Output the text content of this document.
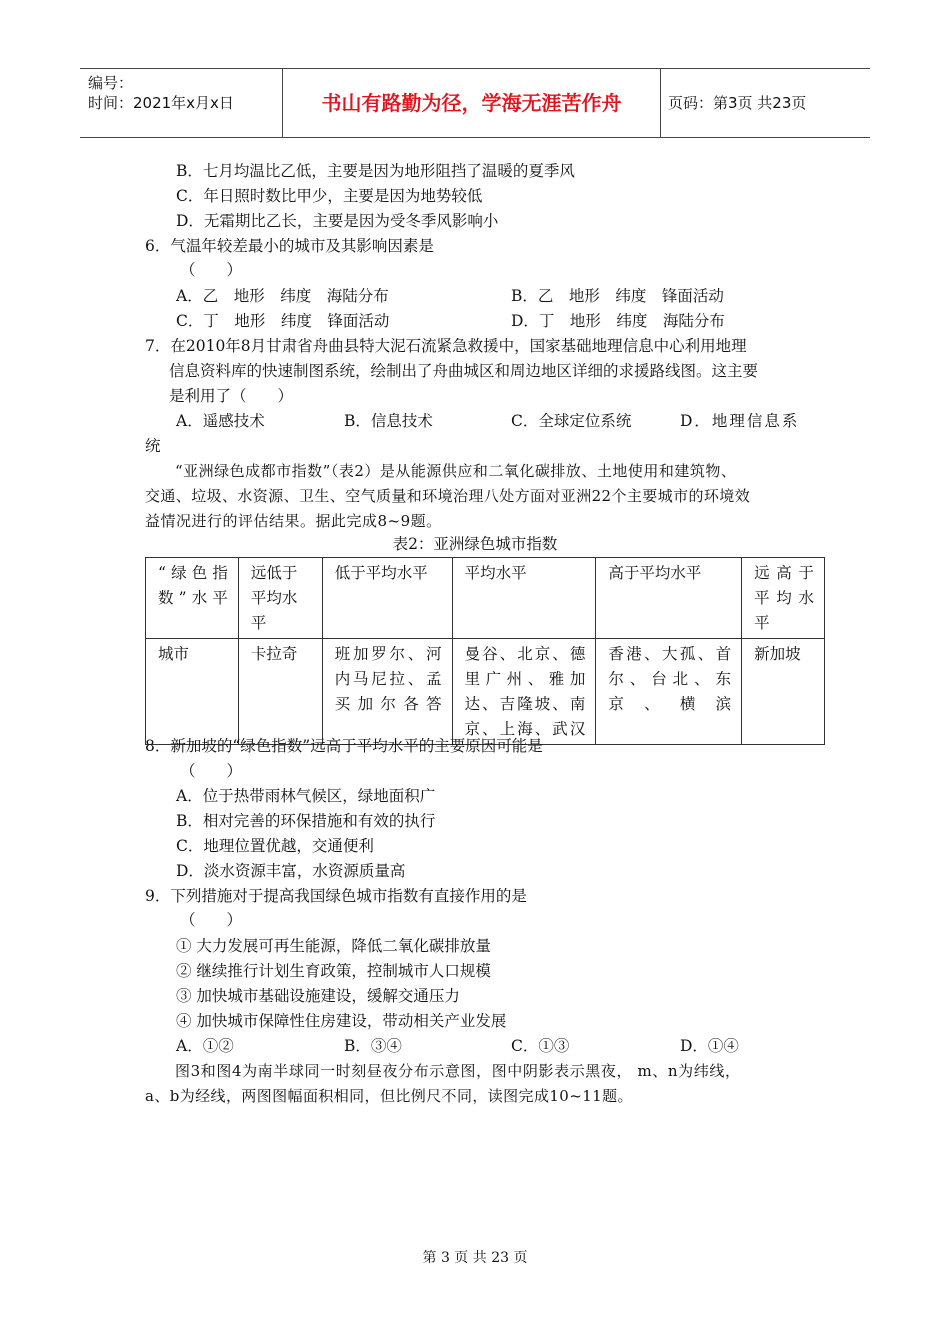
编号：
时间：2021年x月x日	书山有路勤为径，学海无涯苦作舟	页码：第3页 共23页
B．七月均温比乙低，主要是因为地形阻挡了温暖的夏季风
C．年日照时数比甲少，主要是因为地势较低
D．无霜期比乙长，主要是因为受冬季风影响小
6．气温年较差最小的城市及其影响因素是
（　　）
A．乙　地形　纬度　海陆分布	B．乙　地形　纬度　锋面活动
C．丁　地形　纬度　锋面活动	D．丁　地形　纬度　海陆分布
7．在2010年8月甘肃省舟曲县特大泥石流紧急救援中，国家基础地理信息中心利用地理
信息资料库的快速制图系统，绘制出了舟曲城区和周边地区详细的求援路线图。这主要
是利用了（　　）
A．遥感技术	B．信息技术	C．全球定位系统	D．地理信息系
统
“亚洲绿色成都市指数”（表2）是从能源供应和二氧化碳排放、土地使用和建筑物、
交通、垃圾、水资源、卫生、空气质量和环境治理八处方面对亚洲22个主要城市的环境效
益情况进行的评估结果。据此完成8~9题。
表2：亚洲绿色城市指数
“绿色指数”水平	远低于平均水平	低于平均水平	平均水平	高于平均水平	远高于平均水平
城市	卡拉奇	班加罗尔、河内马尼拉、孟买加尔各答	曼谷、北京、德里广州、雅加达、吉隆坡、南京、上海、武汉	香港、大孤、首尔、台北、东京、横滨	新加坡
8．新加坡的“绿色指数”远高于平均水平的主要原因可能是
（　　）
A．位于热带雨林气候区，绿地面积广
B．相对完善的环保措施和有效的执行
C．地理位置优越，交通便利
D．淡水资源丰富，水资源质量高
9．下列措施对于提高我国绿色城市指数有直接作用的是
（　　）
① 大力发展可再生能源，降低二氧化碳排放量
② 继续推行计划生育政策，控制城市人口规模
③ 加快城市基础设施建设，缓解交通压力
④ 加快城市保障性住房建设，带动相关产业发展
A．①②	B．③④	C．①③	D．①④
图3和图4为南半球同一时刻昼夜分布示意图，图中阴影表示黑夜， m、n为纬线，
a、b为经线，两图图幅面积相同，但比例尺不同，读图完成10~11题。
第 3 页 共 23 页
